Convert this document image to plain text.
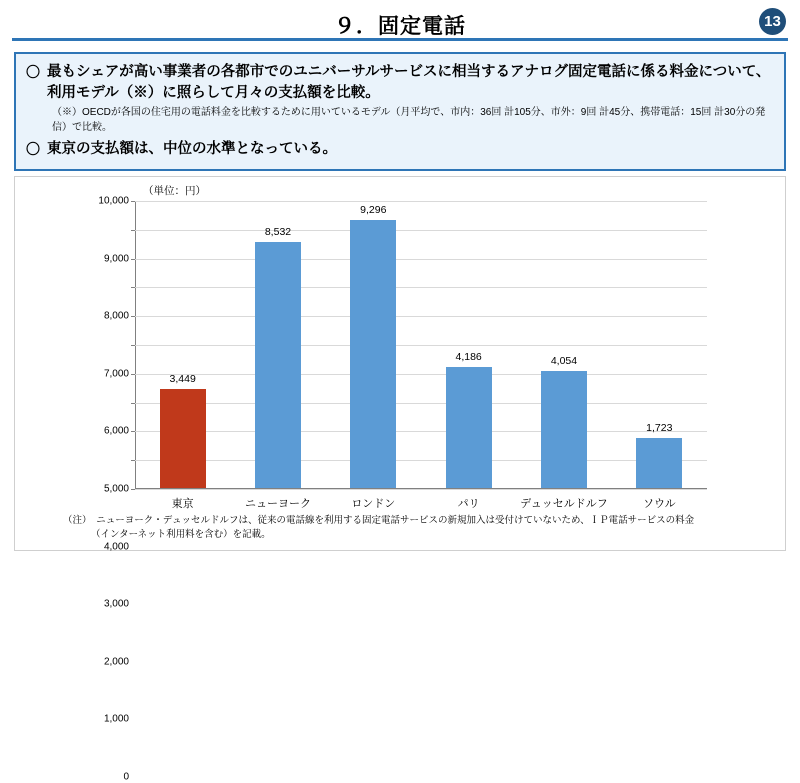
９．固定電話	13
〇 最もシェアが高い事業者の各都市でのユニバーサルサービスに相当するアナログ固定電話に係る料金について、利用モデル（※）に照らして月々の支払額を比較。
（※）OECDが各国の住宅用の電話料金を比較するために用いているモデル（月平均で、市内：36回 計105分、市外：9回 計45分、携帯電話：15回 計30分の発信）で比較。
〇 東京の支払額は、中位の水準となっている。
（単位：円）
10,000
9,000
8,000
7,000
6,000
5,000
4,000
3,000
2,000
1,000
0
3,449
東京
8,532
ニューヨーク
9,296
ロンドン
4,186
パリ
4,054
デュッセルドルフ
1,723
ソウル
（注）　ニューヨーク・デュッセルドルフは、従来の電話線を利用する固定電話サービスの新規加入は受付けていないため、ＩＰ電話サービスの料金
（インターネット利用料を含む）を記載。
